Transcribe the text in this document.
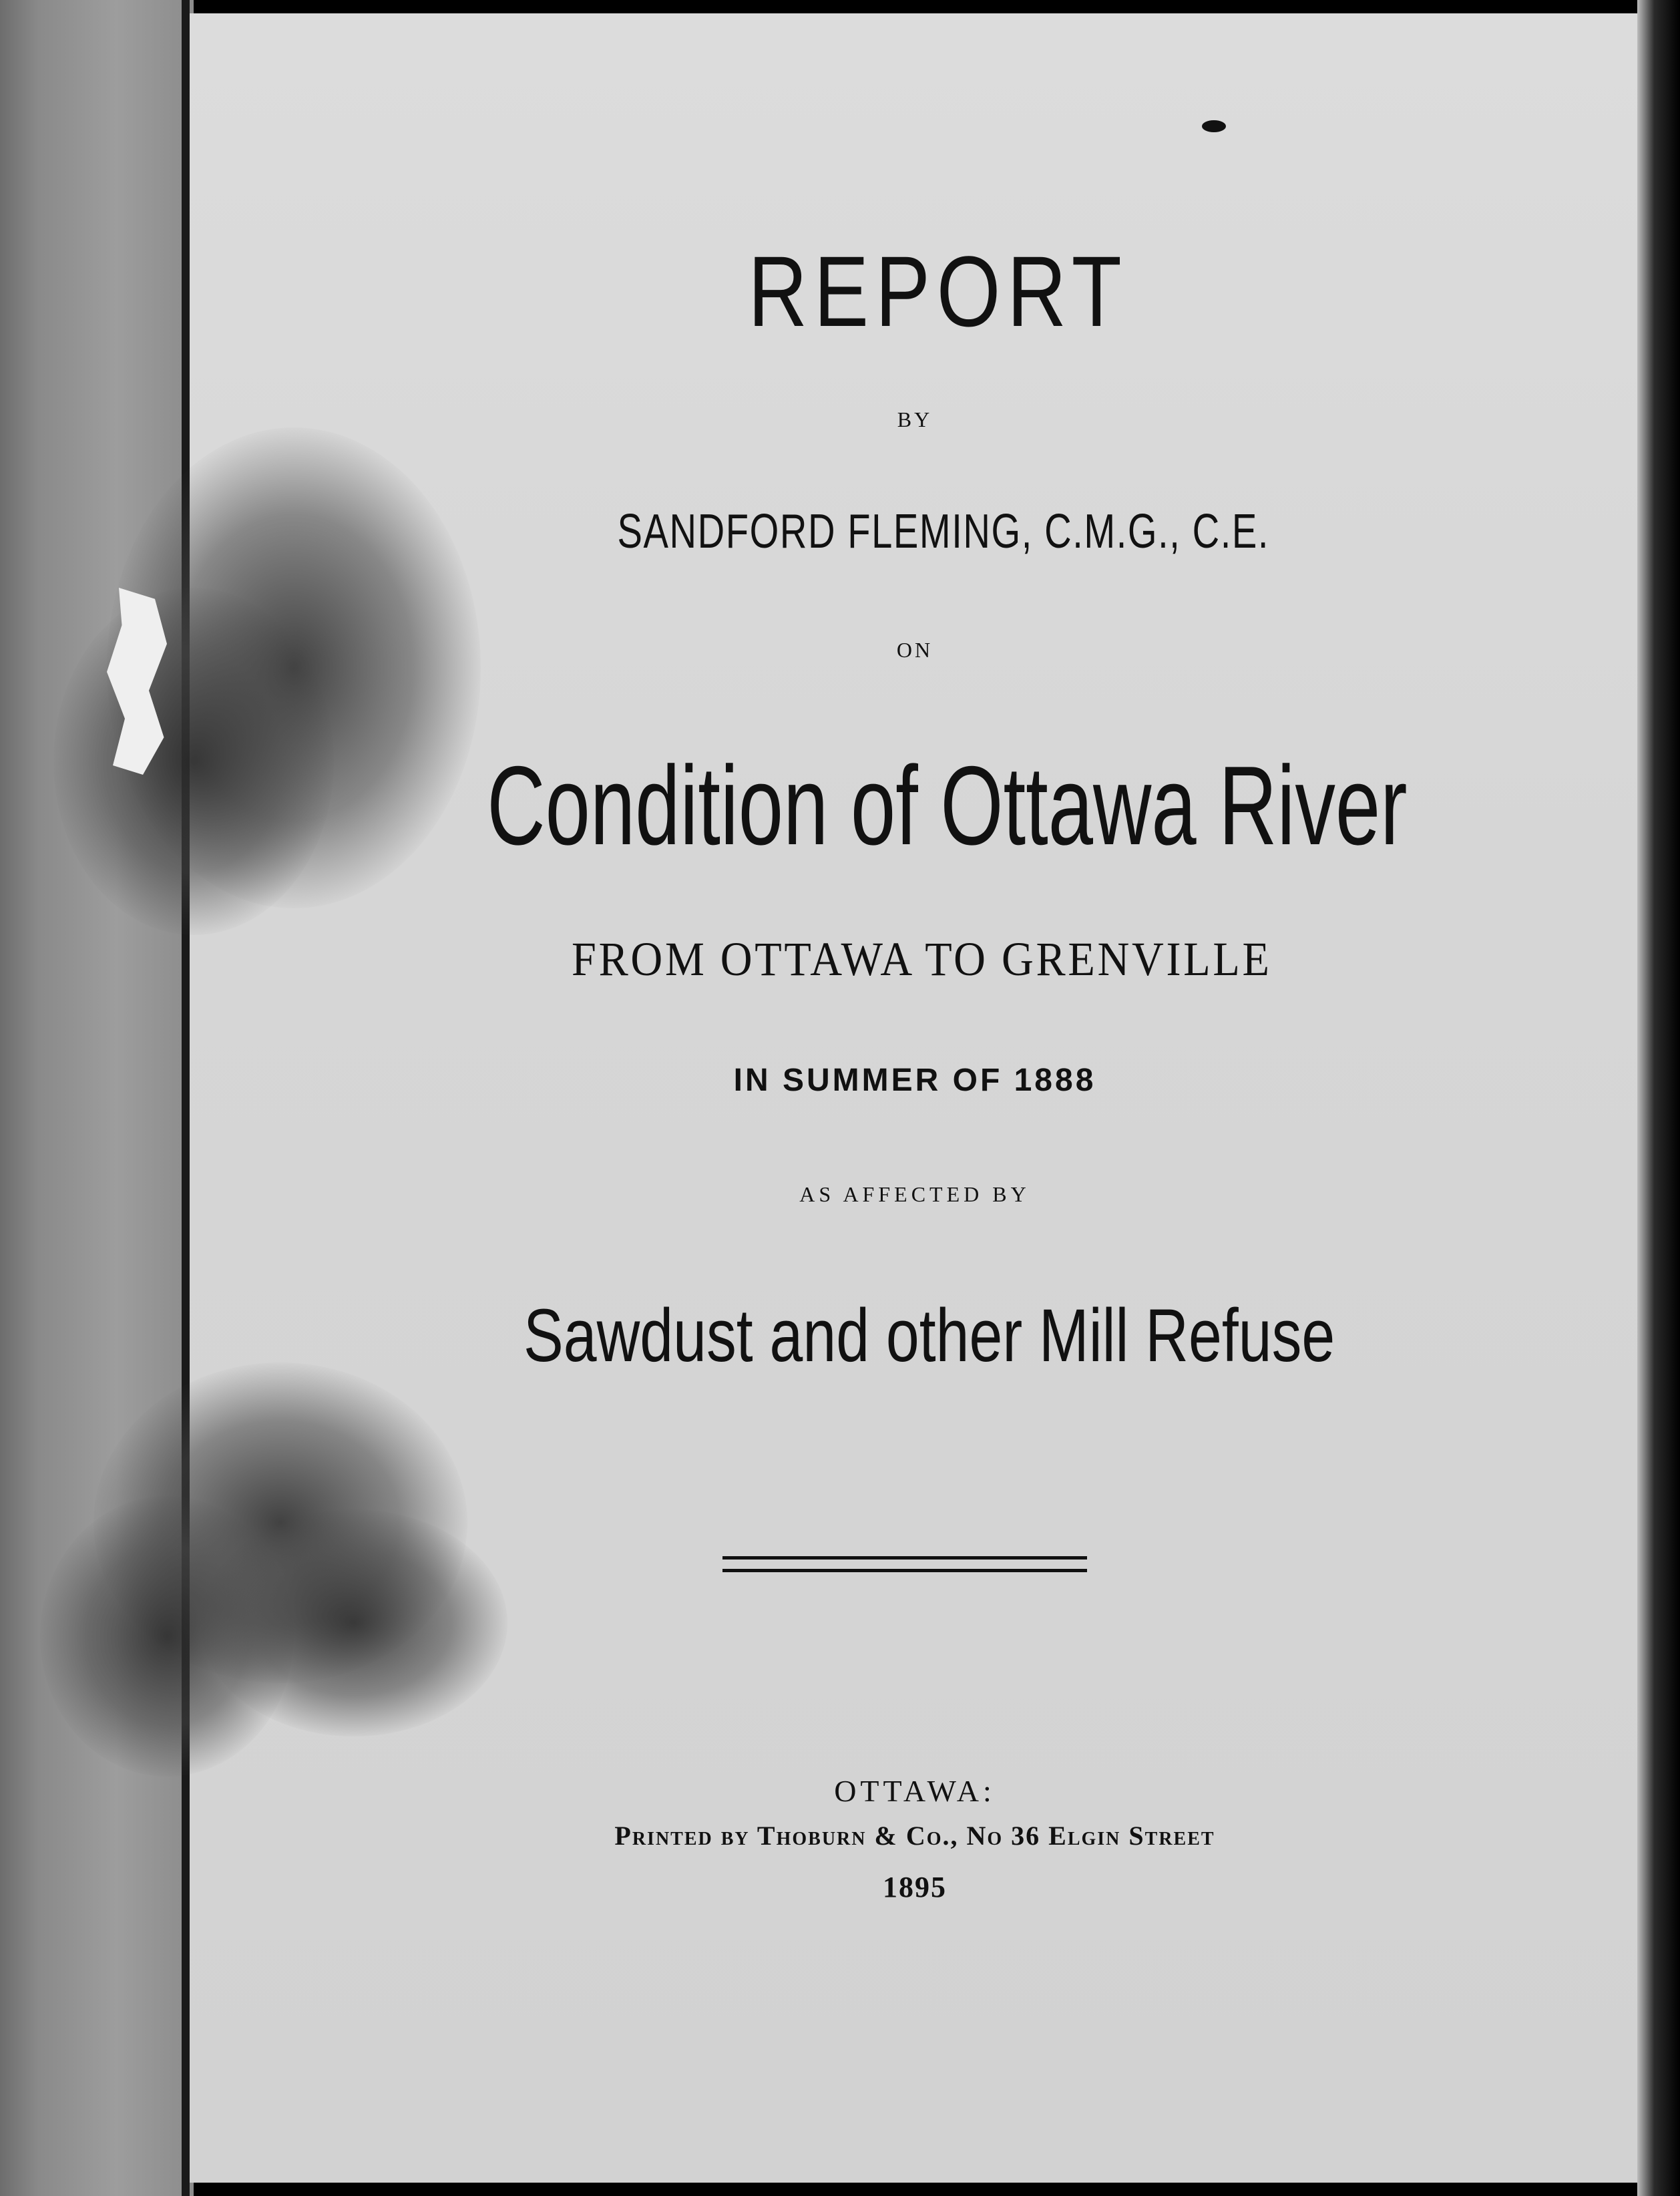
REPORT
BY
SANDFORD FLEMING, C.M.G., C.E.
ON
Condition of Ottawa River
FROM OTTAWA TO GRENVILLE
IN SUMMER OF 1888
AS AFFECTED BY
Sawdust and other Mill Refuse
OTTAWA:
Printed by Thoburn & Co., No 36 Elgin Street
1895
